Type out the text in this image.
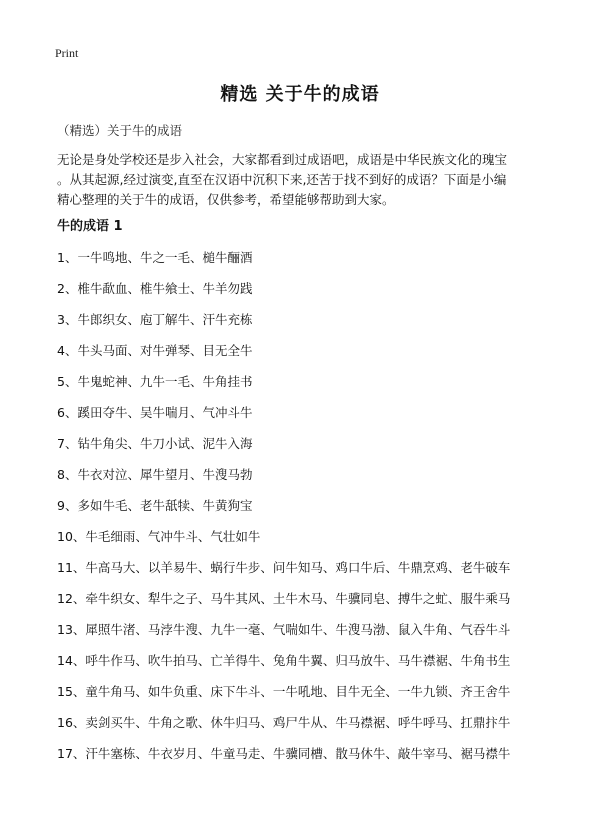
Print
精选 关于牛的成语
（精选）关于牛的成语
无论是身处学校还是步入社会，大家都看到过成语吧，成语是中华民族文化的瑰宝
。从其起源,经过演变,直至在汉语中沉积下来,还苦于找不到好的成语？下面是小编
精心整理的关于牛的成语，仅供参考，希望能够帮助到大家。
牛的成语 1
1、一牛鸣地、牛之一毛、槌牛酾酒
2、椎牛歃血、椎牛飨士、牛羊勿践
3、牛郎织女、庖丁解牛、汗牛充栋
4、牛头马面、对牛弹琴、目无全牛
5、牛鬼蛇神、九牛一毛、牛角挂书
6、蹊田夺牛、吴牛喘月、气冲斗牛
7、钻牛角尖、牛刀小试、泥牛入海
8、牛衣对泣、犀牛望月、牛溲马勃
9、多如牛毛、老牛舐犊、牛黄狗宝
10、牛毛细雨、气冲牛斗、气壮如牛
11、牛高马大、以羊易牛、蜗行牛步、问牛知马、鸡口牛后、牛鼎烹鸡、老牛破车
12、牵牛织女、犁牛之子、马牛其风、土牛木马、牛骥同皂、搏牛之虻、服牛乘马
13、犀照牛渚、马浡牛溲、九牛一毫、气喘如牛、牛溲马渤、鼠入牛角、气吞牛斗
14、呼牛作马、吹牛拍马、亡羊得牛、兔角牛翼、归马放牛、马牛襟裾、牛角书生
15、童牛角马、如牛负重、床下牛斗、一牛吼地、目牛无全、一牛九锁、齐王舍牛
16、卖剑买牛、牛角之歌、休牛归马、鸡尸牛从、牛马襟裾、呼牛呼马、扛鼎抃牛
17、汗牛塞栋、牛衣岁月、牛童马走、牛骥同槽、散马休牛、敲牛宰马、裾马襟牛
